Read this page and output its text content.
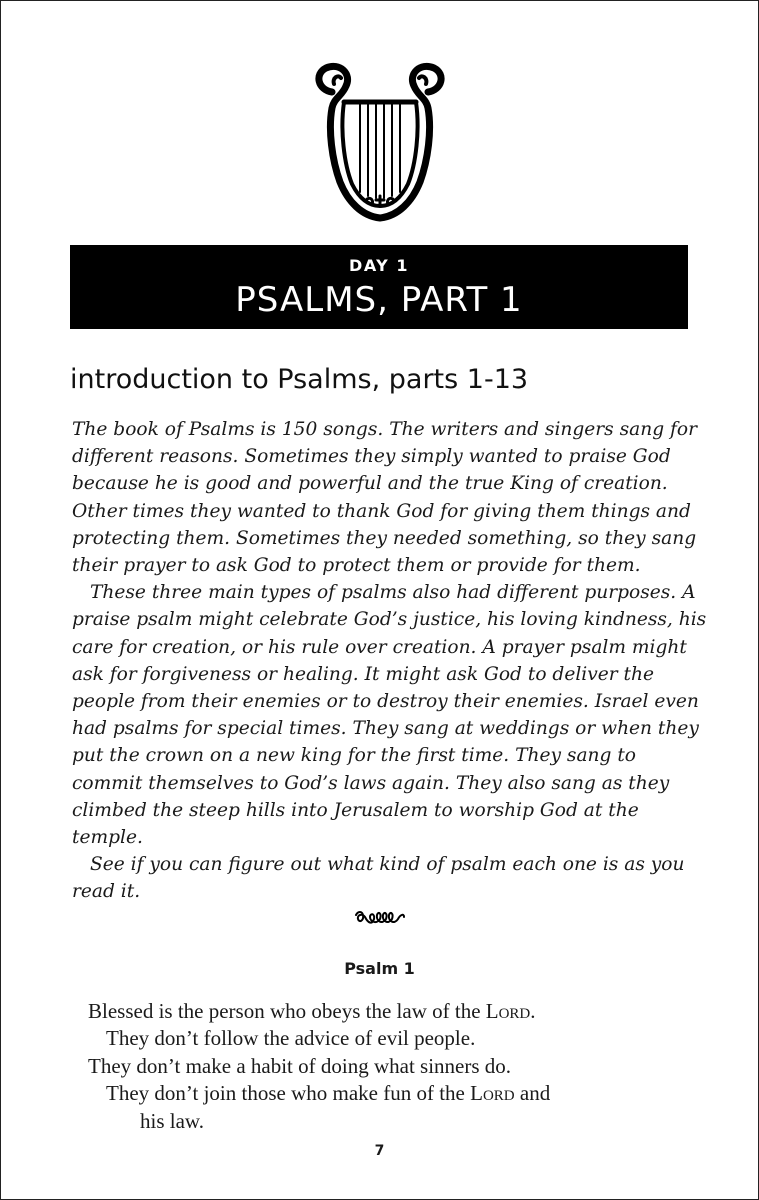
DAY 1
PSALMS, PART 1
introduction to Psalms, parts 1-13

The book of Psalms is 150 songs. The writers and singers sang for different reasons. Sometimes they simply wanted to praise God because he is good and powerful and the true King of creation. Other times they wanted to thank God for giving them things and protecting them. Sometimes they needed something, so they sang their prayer to ask God to protect them or provide for them.

These three main types of psalms also had different purposes. A praise psalm might celebrate God’s justice, his loving kindness, his care for creation, or his rule over creation. A prayer psalm might ask for forgiveness or healing. It might ask God to deliver the people from their enemies or to destroy their enemies. Israel even had psalms for special times. They sang at weddings or when they put the crown on a new king for the first time. They sang to commit themselves to God’s laws again. They also sang as they climbed the steep hills into Jerusalem to worship God at the temple.

See if you can figure out what kind of psalm each one is as you read it.

Psalm 1
Blessed is the person who obeys the law of the Lord.
They don’t follow the advice of evil people.
They don’t make a habit of doing what sinners do.
They don’t join those who make fun of the Lord and
his law.
7
